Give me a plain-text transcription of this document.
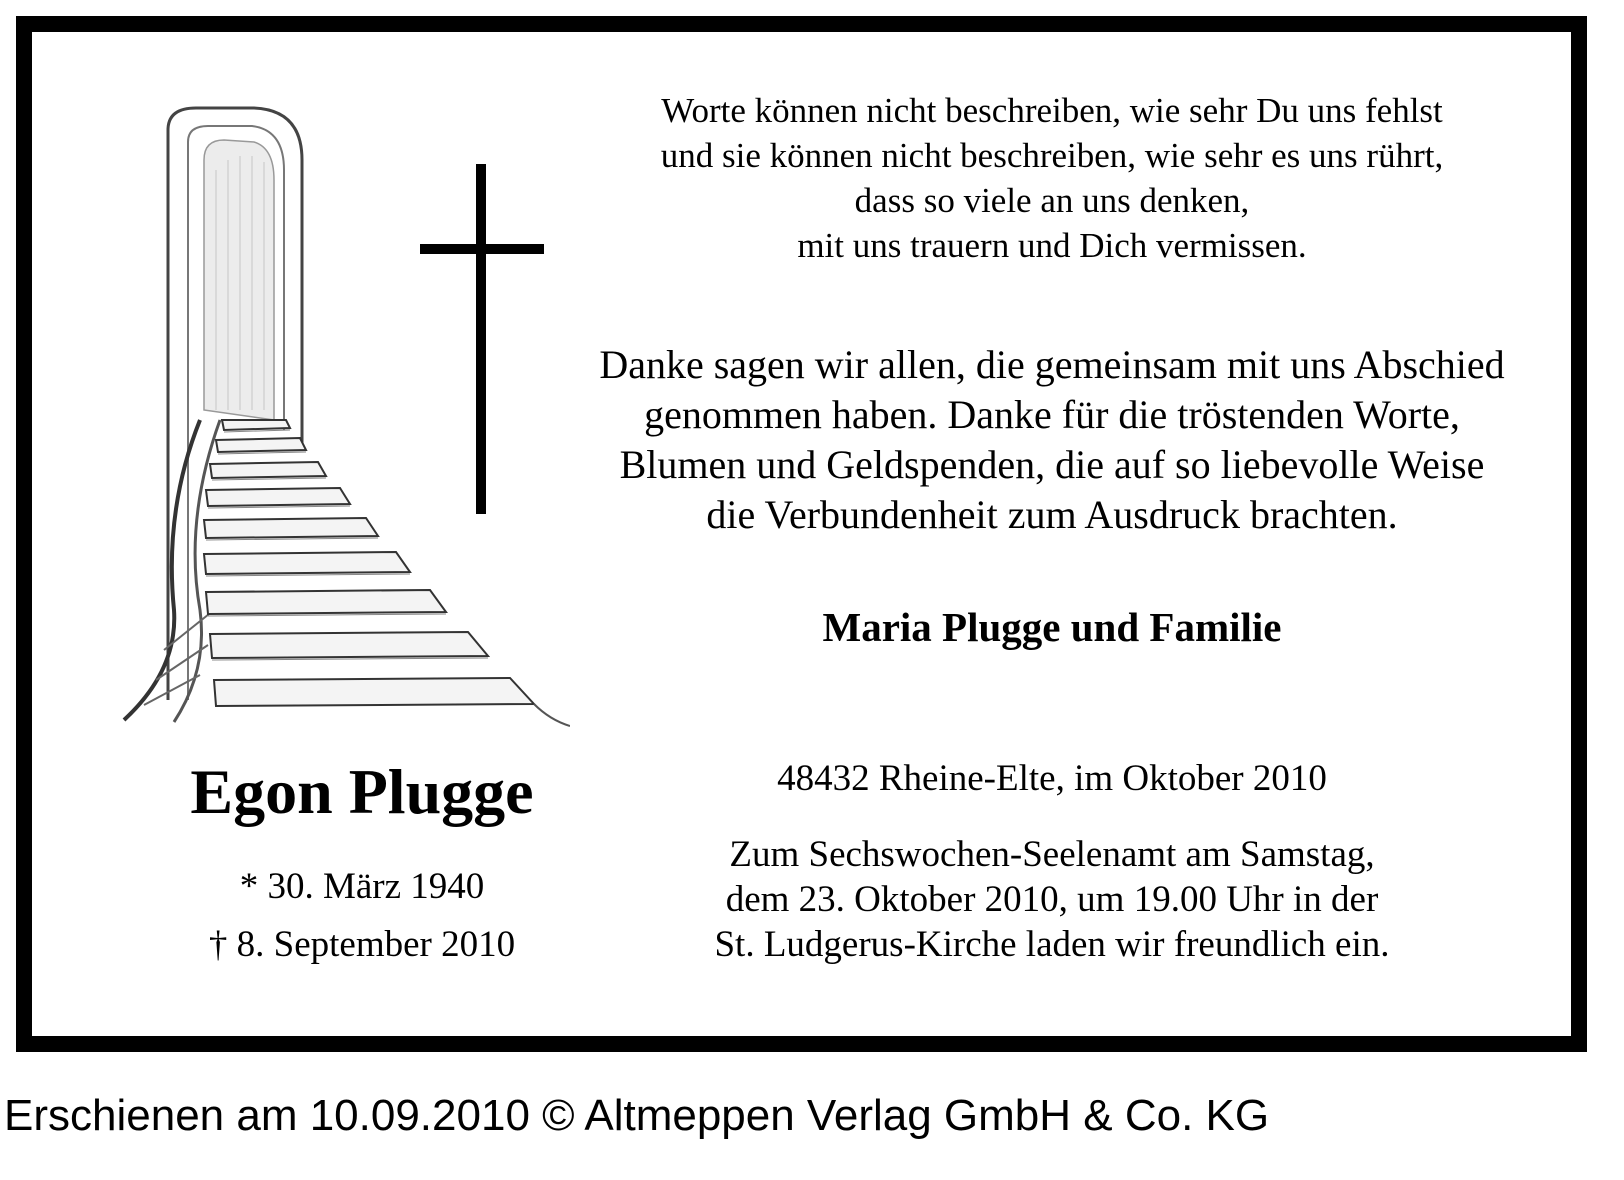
Worte können nicht beschreiben, wie sehr Du uns fehlst
und sie können nicht beschreiben, wie sehr es uns rührt,
dass so viele an uns denken,
mit uns trauern und Dich vermissen.
Danke sagen wir allen, die gemeinsam mit uns Abschied
genommen haben. Danke für die tröstenden Worte,
Blumen und Geldspenden, die auf so liebevolle Weise
die Verbundenheit zum Ausdruck brachten.
Maria Plugge und Familie
Egon Plugge
* 30. März 1940
† 8. September 2010
48432 Rheine-Elte, im Oktober 2010
Zum Sechswochen-Seelenamt am Samstag,
dem 23. Oktober 2010, um 19.00 Uhr in der
St. Ludgerus-Kirche laden wir freundlich ein.
Erschienen am 10.09.2010 © Altmeppen Verlag GmbH & Co. KG
